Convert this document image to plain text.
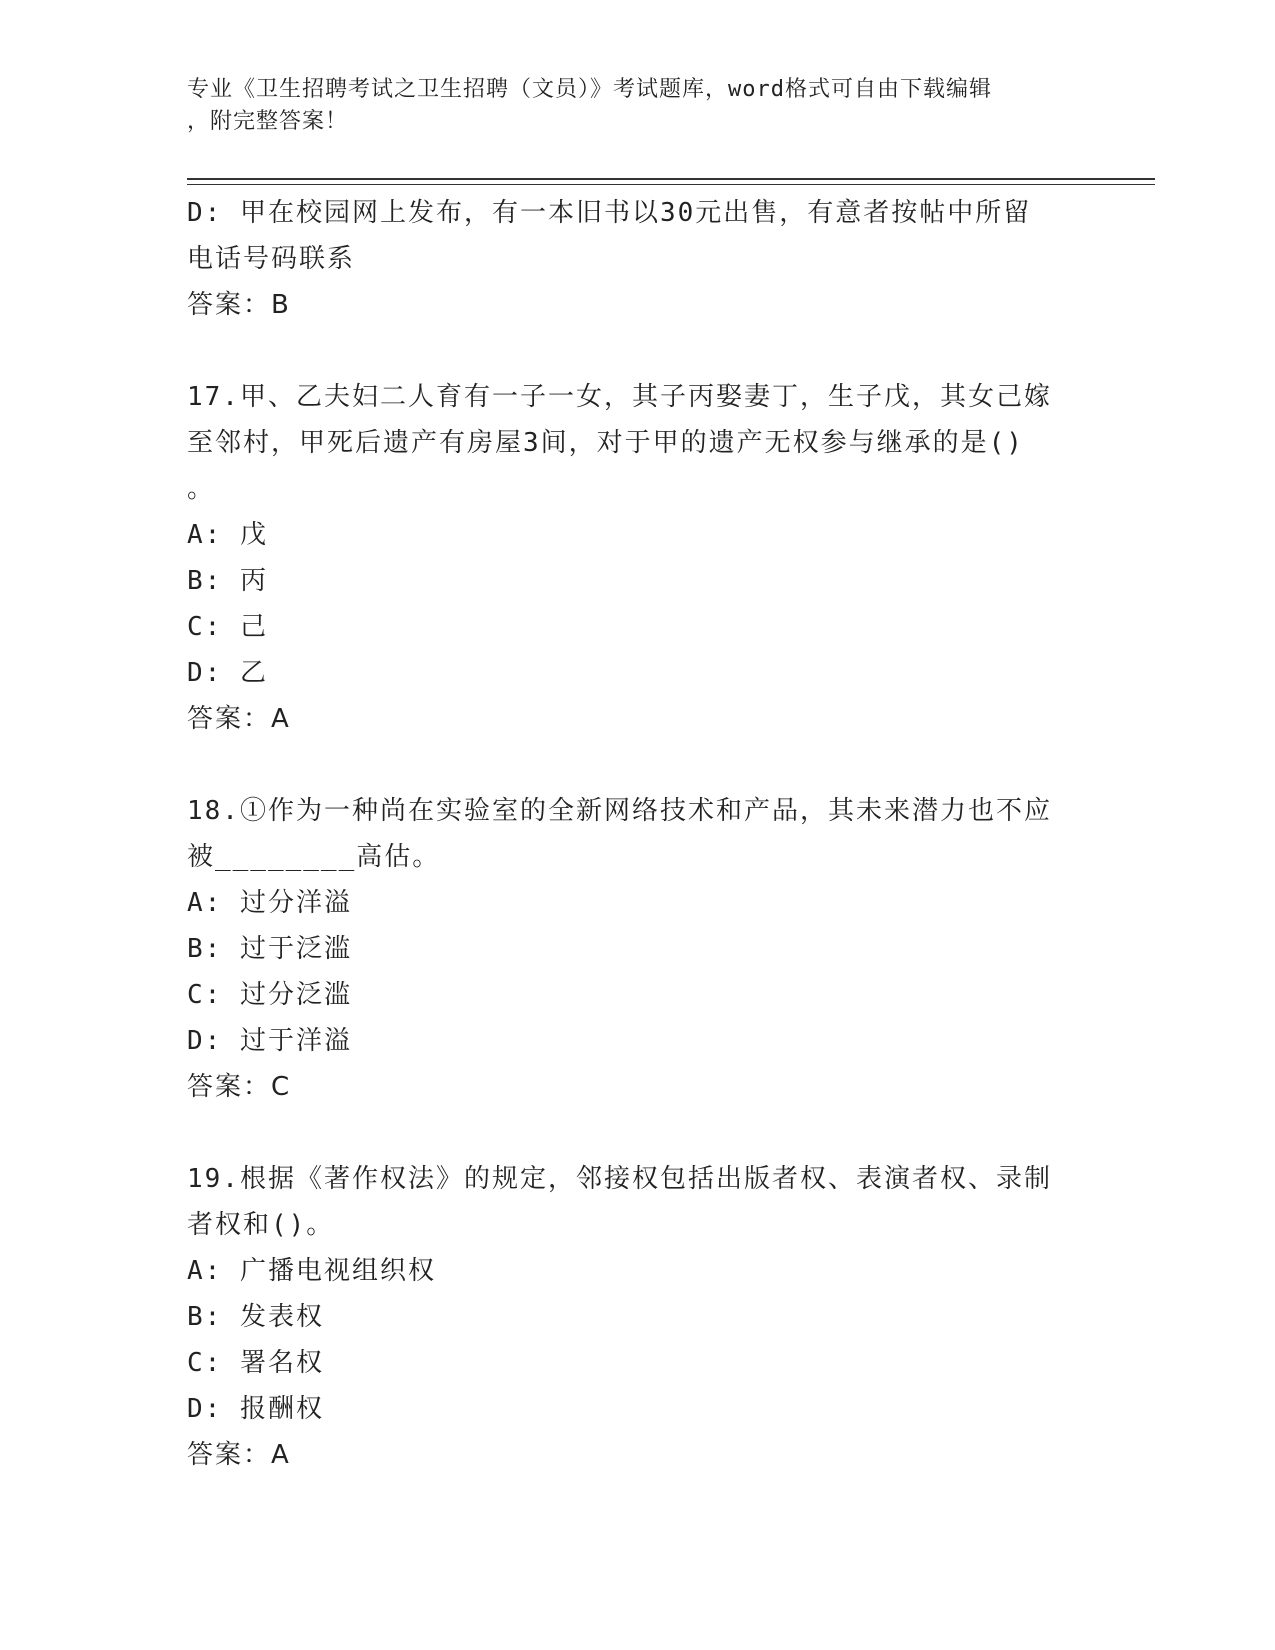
专业《卫生招聘考试之卫生招聘（文员）》考试题库，word格式可自由下载编辑
，附完整答案！
D: 甲在校园网上发布，有一本旧书以30元出售，有意者按帖中所留
电话号码联系
答案：B
17.甲、乙夫妇二人育有一子一女，其子丙娶妻丁，生子戊，其女己嫁
至邻村，甲死后遗产有房屋3间，对于甲的遗产无权参与继承的是()
。
A: 戊
B: 丙
C: 己
D: 乙
答案：A
18.①作为一种尚在实验室的全新网络技术和产品，其未来潜力也不应
被________高估。
A: 过分洋溢
B: 过于泛滥
C: 过分泛滥
D: 过于洋溢
答案：C
19.根据《著作权法》的规定，邻接权包括出版者权、表演者权、录制
者权和()。
A: 广播电视组织权
B: 发表权
C: 署名权
D: 报酬权
答案：A
